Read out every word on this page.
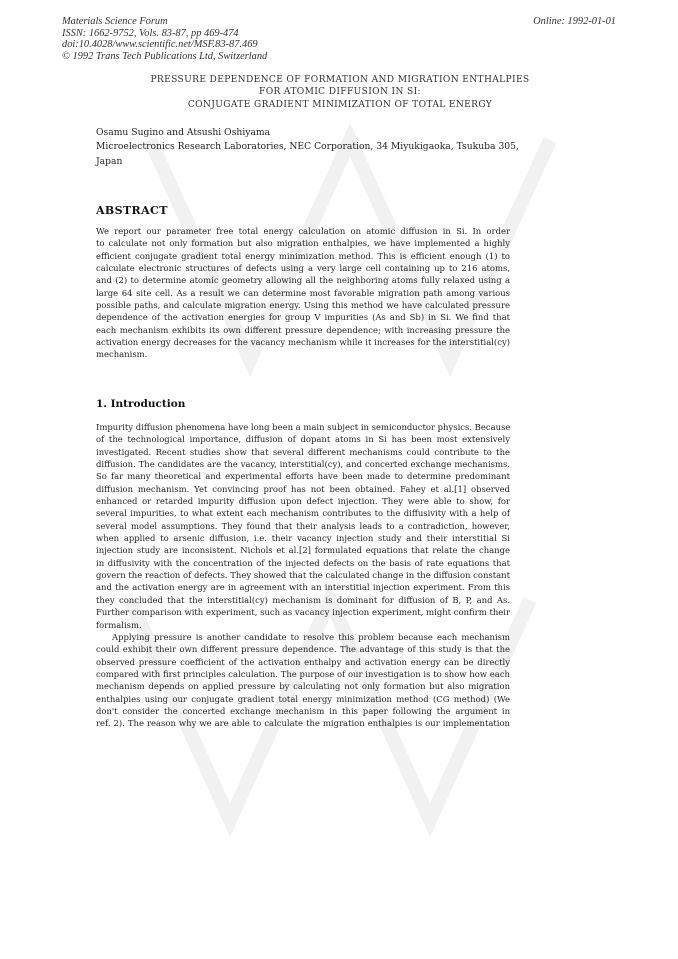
Materials Science Forum
ISSN: 1662-9752, Vols. 83-87, pp 469-474
doi:10.4028/www.scientific.net/MSF.83-87.469
© 1992 Trans Tech Publications Ltd, Switzerland
Online: 1992-01-01
PRESSURE DEPENDENCE OF FORMATION AND MIGRATION ENTHALPIES
FOR ATOMIC DIFFUSION IN SI:
CONJUGATE GRADIENT MINIMIZATION OF TOTAL ENERGY
Osamu Sugino and Atsushi Oshiyama
Microelectronics Research Laboratories, NEC Corporation, 34 Miyukigaoka, Tsukuba 305,
Japan
ABSTRACT
We report our parameter free total energy calculation on atomic diffusion in Si. In order
to calculate not only formation but also migration enthalpies, we have implemented a highly
efficient conjugate gradient total energy minimization method. This is efficient enough (1) to
calculate electronic structures of defects using a very large cell containing up to 216 atoms,
and (2) to determine atomic geometry allowing all the neighboring atoms fully relaxed using a
large 64 site cell. As a result we can determine most favorable migration path among various
possible paths, and calculate migration energy. Using this method we have calculated pressure
dependence of the activation energies for group V impurities (As and Sb) in Si. We find that
each mechanism exhibits its own different pressure dependence; with increasing pressure the
activation energy decreases for the vacancy mechanism while it increases for the interstitial(cy)
mechanism.
1. Introduction
Impurity diffusion phenomena have long been a main subject in semiconductor physics. Because
of the technological importance, diffusion of dopant atoms in Si has been most extensively
investigated. Recent studies show that several different mechanisms could contribute to the
diffusion. The candidates are the vacancy, interstitial(cy), and concerted exchange mechanisms.
So far many theoretical and experimental efforts have been made to determine predominant
diffusion mechanism. Yet convincing proof has not been obtained. Fahey et al.[1] observed
enhanced or retarded impurity diffusion upon defect injection. They were able to show, for
several impurities, to what extent each mechanism contributes to the diffusivity with a help of
several model assumptions. They found that their analysis leads to a contradiction, however,
when applied to arsenic diffusion, i.e. their vacancy injection study and their interstitial Si
injection study are inconsistent. Nichols et al.[2] formulated equations that relate the change
in diffusivity with the concentration of the injected defects on the basis of rate equations that
govern the reaction of defects. They showed that the calculated change in the diffusion constant
and the activation energy are in agreement with an interstitial injection experiment. From this
they concluded that the interstitial(cy) mechanism is dominant for diffusion of B, P, and As.
Further comparison with experiment, such as vacancy injection experiment, might confirm their
formalism.
Applying pressure is another candidate to resolve this problem because each mechanism
could exhibit their own different pressure dependence. The advantage of this study is that the
observed pressure coefficient of the activation enthalpy and activation energy can be directly
compared with first principles calculation. The purpose of our investigation is to show how each
mechanism depends on applied pressure by calculating not only formation but also migration
enthalpies using our conjugate gradient total energy minimization method (CG method) (We
don't consider the concerted exchange mechanism in this paper following the argument in
ref. 2). The reason why we are able to calculate the migration enthalpies is our implementation
